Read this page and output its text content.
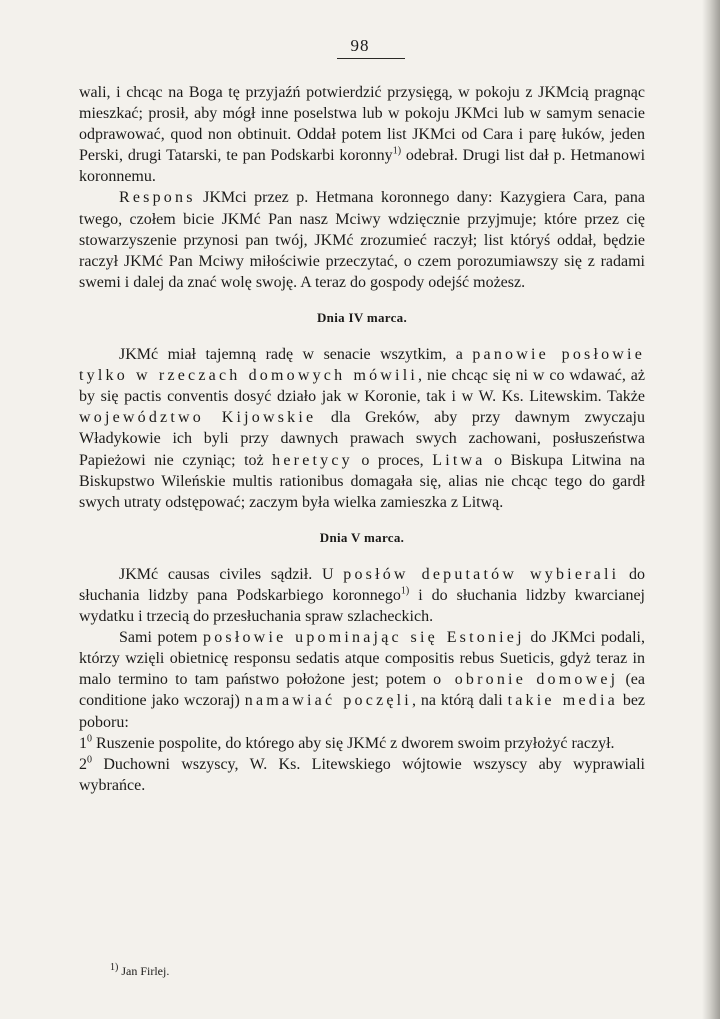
98

wali, i chcąc na Boga tę przyjaźń potwierdzić przysięgą, w pokoju z JKMcią pragnąc mieszkać; prosił, aby mógł inne poselstwa lub w pokoju JKMci lub w samym senacie odprawować, quod non obtinuit. Oddał potem list JKMci od Cara i parę łuków, jeden Perski, drugi Tatarski, te pan Podskarbi koronny$^{1)}$ odebrał. Drugi list dał p. Hetmanowi koronnemu.

Respons JKMci przez p. Hetmana koronnego dany: Kazygiera Cara, pana twego, czołem bicie JKMć Pan nasz Mciwy wdzięcznie przyjmuje; które przez cię stowarzyszenie przynosi pan twój, JKMć zrozumieć raczył; list któryś oddał, będzie raczył JKMć Pan Mciwy miłościwie przeczytać, o czem porozumiawszy się z radami swemi i dalej da znać wolę swoję. A teraz do gospody odejść możesz.

Dnia IV marca.

JKMć miał tajemną radę w senacie wszytkim, a panowie posłowie tylko w rzeczach domowych mówili, nie chcąc się ni w co wdawać, aż by się pactis conventis dosyć działo jak w Koronie, tak i w W. Ks. Litewskim. Także województwo Kijowskie dla Greków, aby przy dawnym zwyczaju Władykowie ich byli przy dawnych prawach swych zachowani, posłuszeństwa Papieżowi nie czyniąc; toż heretycy o proces, Litwa o Biskupa Litwina na Biskupstwo Wileńskie multis rationibus domagała się, alias nie chcąc tego do gardł swych utraty odstępować; zaczym była wielka zamieszka z Litwą.

Dnia V marca.

JKMć causas civiles sądził. U posłów deputatów wybierali do słuchania lidzby pana Podskarbiego koronnego$^{1)}$ i do słuchania lidzby kwarcianej wydatku i trzecią do przesłuchania spraw szlacheckich.

Sami potem posłowie upominając się Estoniej do JKMci podali, którzy wzięli obietnicę responsu sedatis atque compositis rebus Sueticis, gdyż teraz in malo termino to tam państwo położone jest; potem o obronie domowej (ea conditione jako wczoraj) namawiać poczęli, na którą dali takie media bez poboru:

$1^0$ Ruszenie pospolite, do którego aby się JKMć z dworem swoim przyłożyć raczył.

$2^0$ Duchowni wszyscy, W. Ks. Litewskiego wójtowie wszyscy aby wyprawiali wybrańce.

$^{1)}$ Jan Firlej.
